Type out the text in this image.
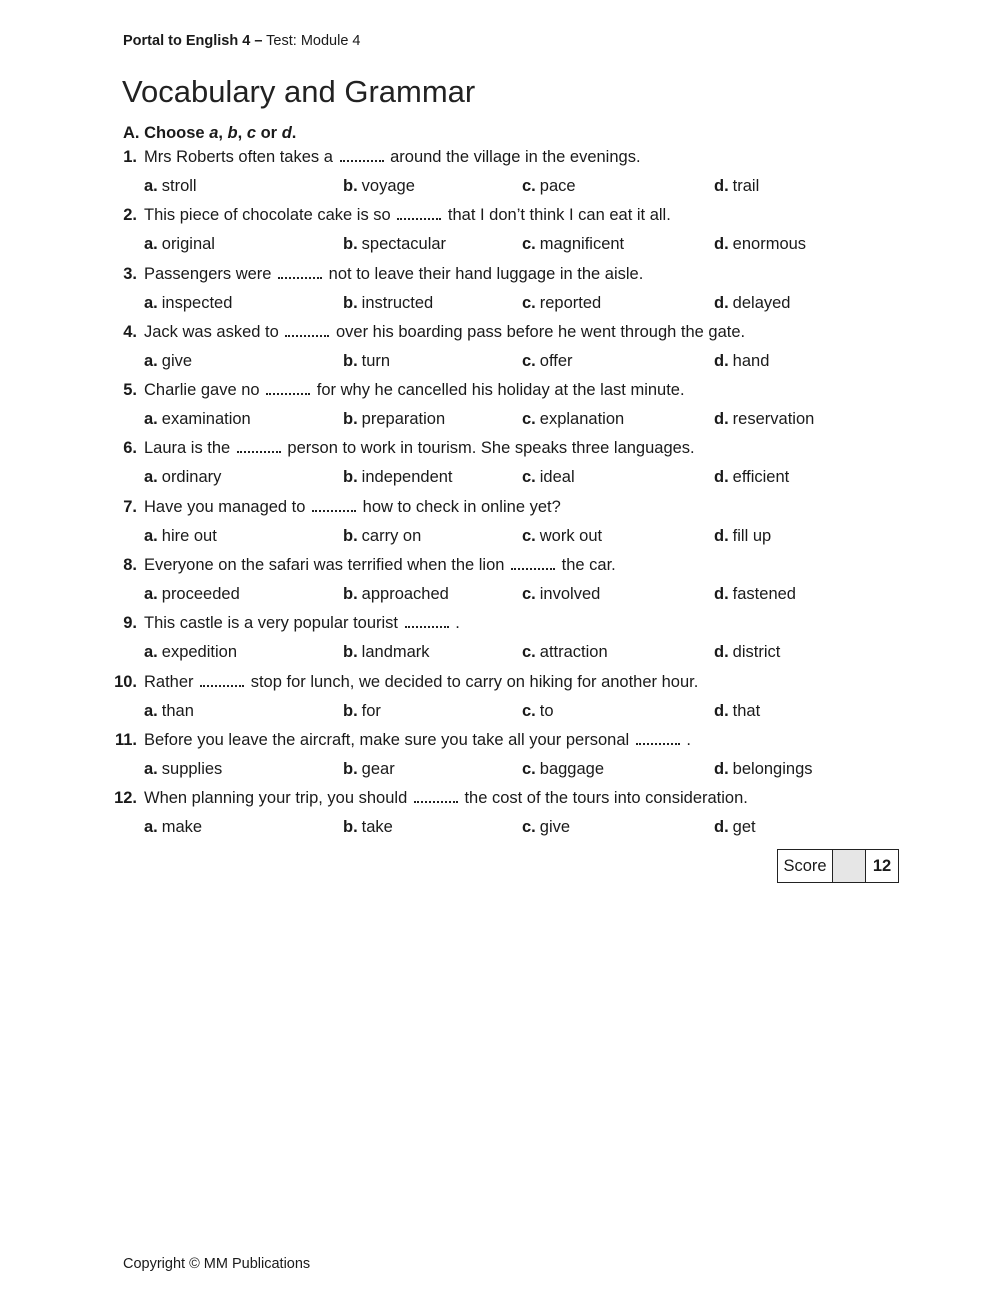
Portal to English 4 – Test: Module 4
Vocabulary and Grammar
A. Choose a, b, c or d.
1. Mrs Roberts often takes a	around the village in the evenings.
a. stroll	b. voyage	c. pace	d. trail
2. This piece of chocolate cake is so	that I don’t think I can eat it all.
a. original	b. spectacular	c. magnificent	d. enormous
3. Passengers were	not to leave their hand luggage in the aisle.
a. inspected	b. instructed	c. reported	d. delayed
4. Jack was asked to	over his boarding pass before he went through the gate.
a. give	b. turn	c. offer	d. hand
5. Charlie gave no	for why he cancelled his holiday at the last minute.
a. examination	b. preparation	c. explanation	d. reservation
6. Laura is the	person to work in tourism. She speaks three languages.
a. ordinary	b. independent	c. ideal	d. efficient
7. Have you managed to	how to check in online yet?
a. hire out	b. carry on	c. work out	d. fill up
8. Everyone on the safari was terrified when the lion	the car.
a. proceeded	b. approached	c. involved	d. fastened
9. This castle is a very popular tourist	.
a. expedition	b. landmark	c. attraction	d. district
10. Rather	stop for lunch, we decided to carry on hiking for another hour.
a. than	b. for	c. to	d. that
11. Before you leave the aircraft, make sure you take all your personal	.
a. supplies	b. gear	c. baggage	d. belongings
12. When planning your trip, you should	the cost of the tours into consideration.
a. make	b. take	c. give	d. get
Score	12
Copyright © MM Publications
